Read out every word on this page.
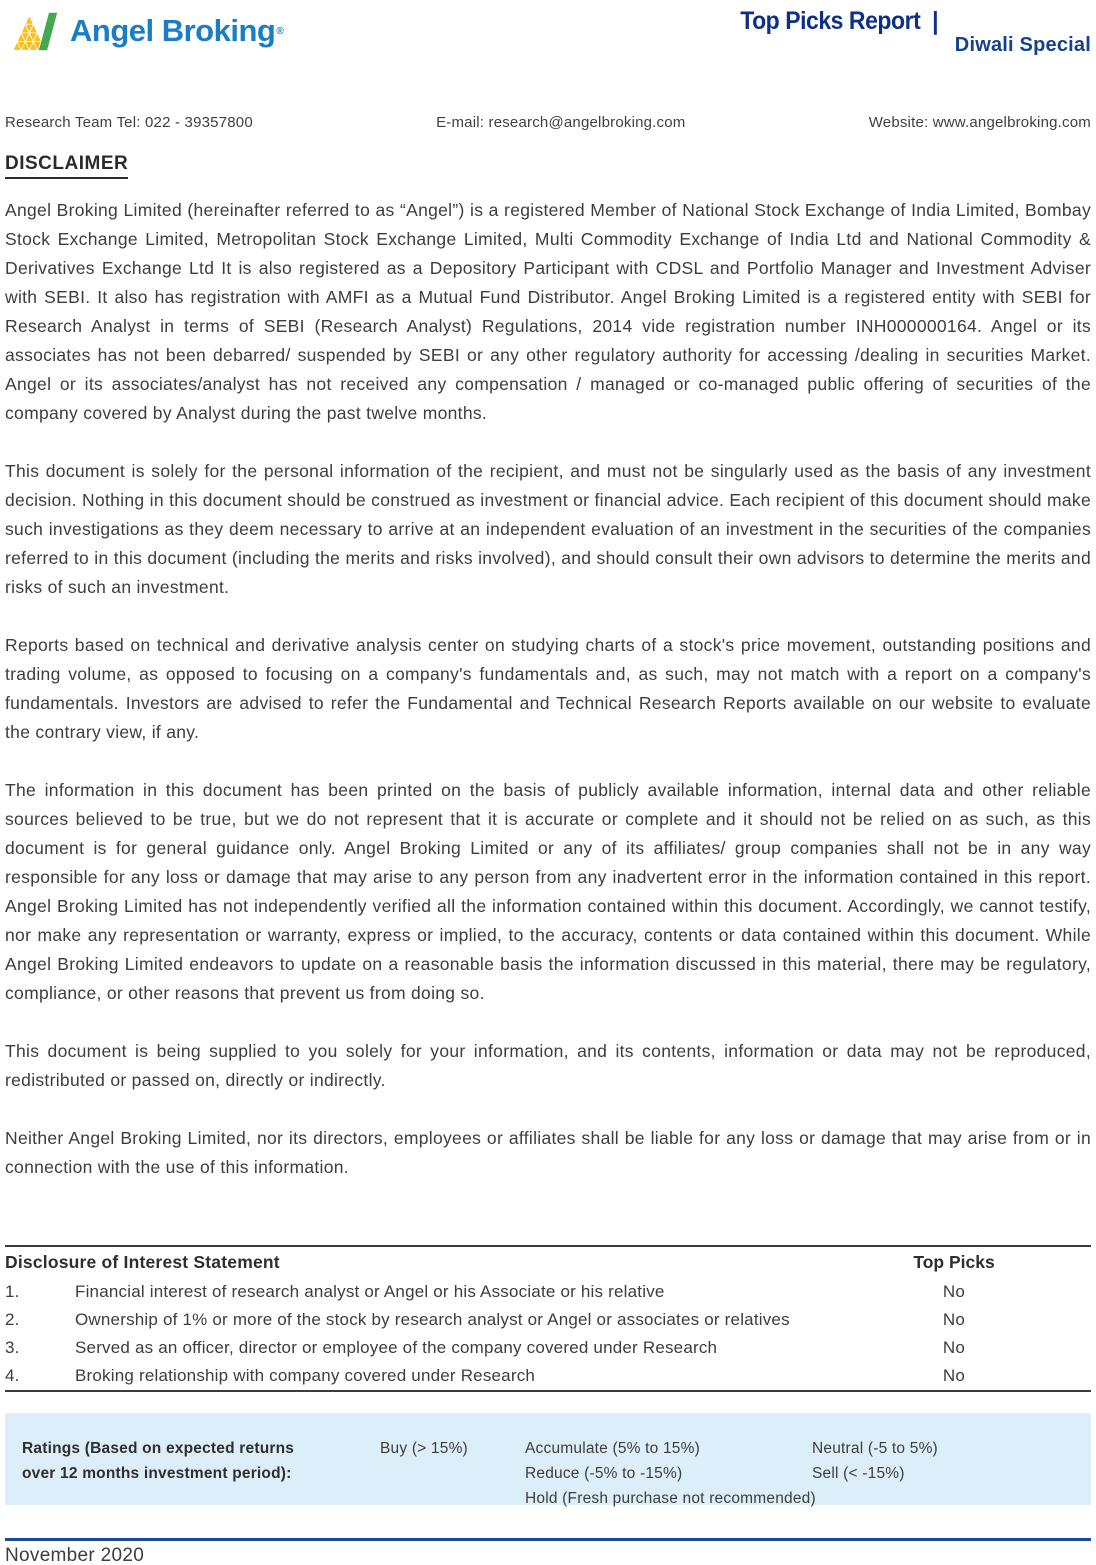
Angel Broking ®	Top Picks Report  |
Diwali Special
Research Team Tel: 022 - 39357800	E-mail: research@angelbroking.com	Website: www.angelbroking.com
DISCLAIMER

Angel Broking Limited (hereinafter referred to as “Angel”) is a registered Member of National Stock Exchange of India Limited, Bombay Stock Exchange Limited, Metropolitan Stock Exchange Limited, Multi Commodity Exchange of India Ltd and National Commodity & Derivatives Exchange Ltd It is also registered as a Depository Participant with CDSL and Portfolio Manager and Investment Adviser with SEBI. It also has registration with AMFI as a Mutual Fund Distributor. Angel Broking Limited is a registered entity with SEBI for Research Analyst in terms of SEBI (Research Analyst) Regulations, 2014 vide registration number INH000000164. Angel or its associates has not been debarred/ suspended by SEBI or any other regulatory authority for accessing /dealing in securities Market. Angel or its associates/analyst has not received any compensation / managed or co-managed public offering of securities of the company covered by Analyst during the past twelve months.

This document is solely for the personal information of the recipient, and must not be singularly used as the basis of any investment decision. Nothing in this document should be construed as investment or financial advice. Each recipient of this document should make such investigations as they deem necessary to arrive at an independent evaluation of an investment in the securities of the companies referred to in this document (including the merits and risks involved), and should consult their own advisors to determine the merits and risks of such an investment.

Reports based on technical and derivative analysis center on studying charts of a stock's price movement, outstanding positions and trading volume, as opposed to focusing on a company's fundamentals and, as such, may not match with a report on a company's fundamentals. Investors are advised to refer the Fundamental and Technical Research Reports available on our website to evaluate the contrary view, if any.

The information in this document has been printed on the basis of publicly available information, internal data and other reliable sources believed to be true, but we do not represent that it is accurate or complete and it should not be relied on as such, as this document is for general guidance only. Angel Broking Limited or any of its affiliates/ group companies shall not be in any way responsible for any loss or damage that may arise to any person from any inadvertent error in the information contained in this report. Angel Broking Limited has not independently verified all the information contained within this document. Accordingly, we cannot testify, nor make any representation or warranty, express or implied, to the accuracy, contents or data contained within this document. While Angel Broking Limited endeavors to update on a reasonable basis the information discussed in this material, there may be regulatory, compliance, or other reasons that prevent us from doing so.

This document is being supplied to you solely for your information, and its contents, information or data may not be reproduced, redistributed or passed on, directly or indirectly.

Neither Angel Broking Limited, nor its directors, employees or affiliates shall be liable for any loss or damage that may arise from or in connection with the use of this information.

Disclosure of Interest Statement	Top Picks
1.	Financial interest of research analyst or Angel or his Associate or his relative	No
2.	Ownership of 1% or more of the stock by research analyst or Angel or associates or relatives	No
3.	Served as an officer, director or employee of the company covered under Research	No
4.	Broking relationship with company covered under Research	No
Ratings (Based on expected returns
over 12 months investment period):
Buy (> 15%)	Accumulate (5% to 15%)
Reduce (-5% to -15%)
Hold (Fresh purchase not recommended)
Neutral (-5 to 5%)
Sell (< -15%)
November 2020
